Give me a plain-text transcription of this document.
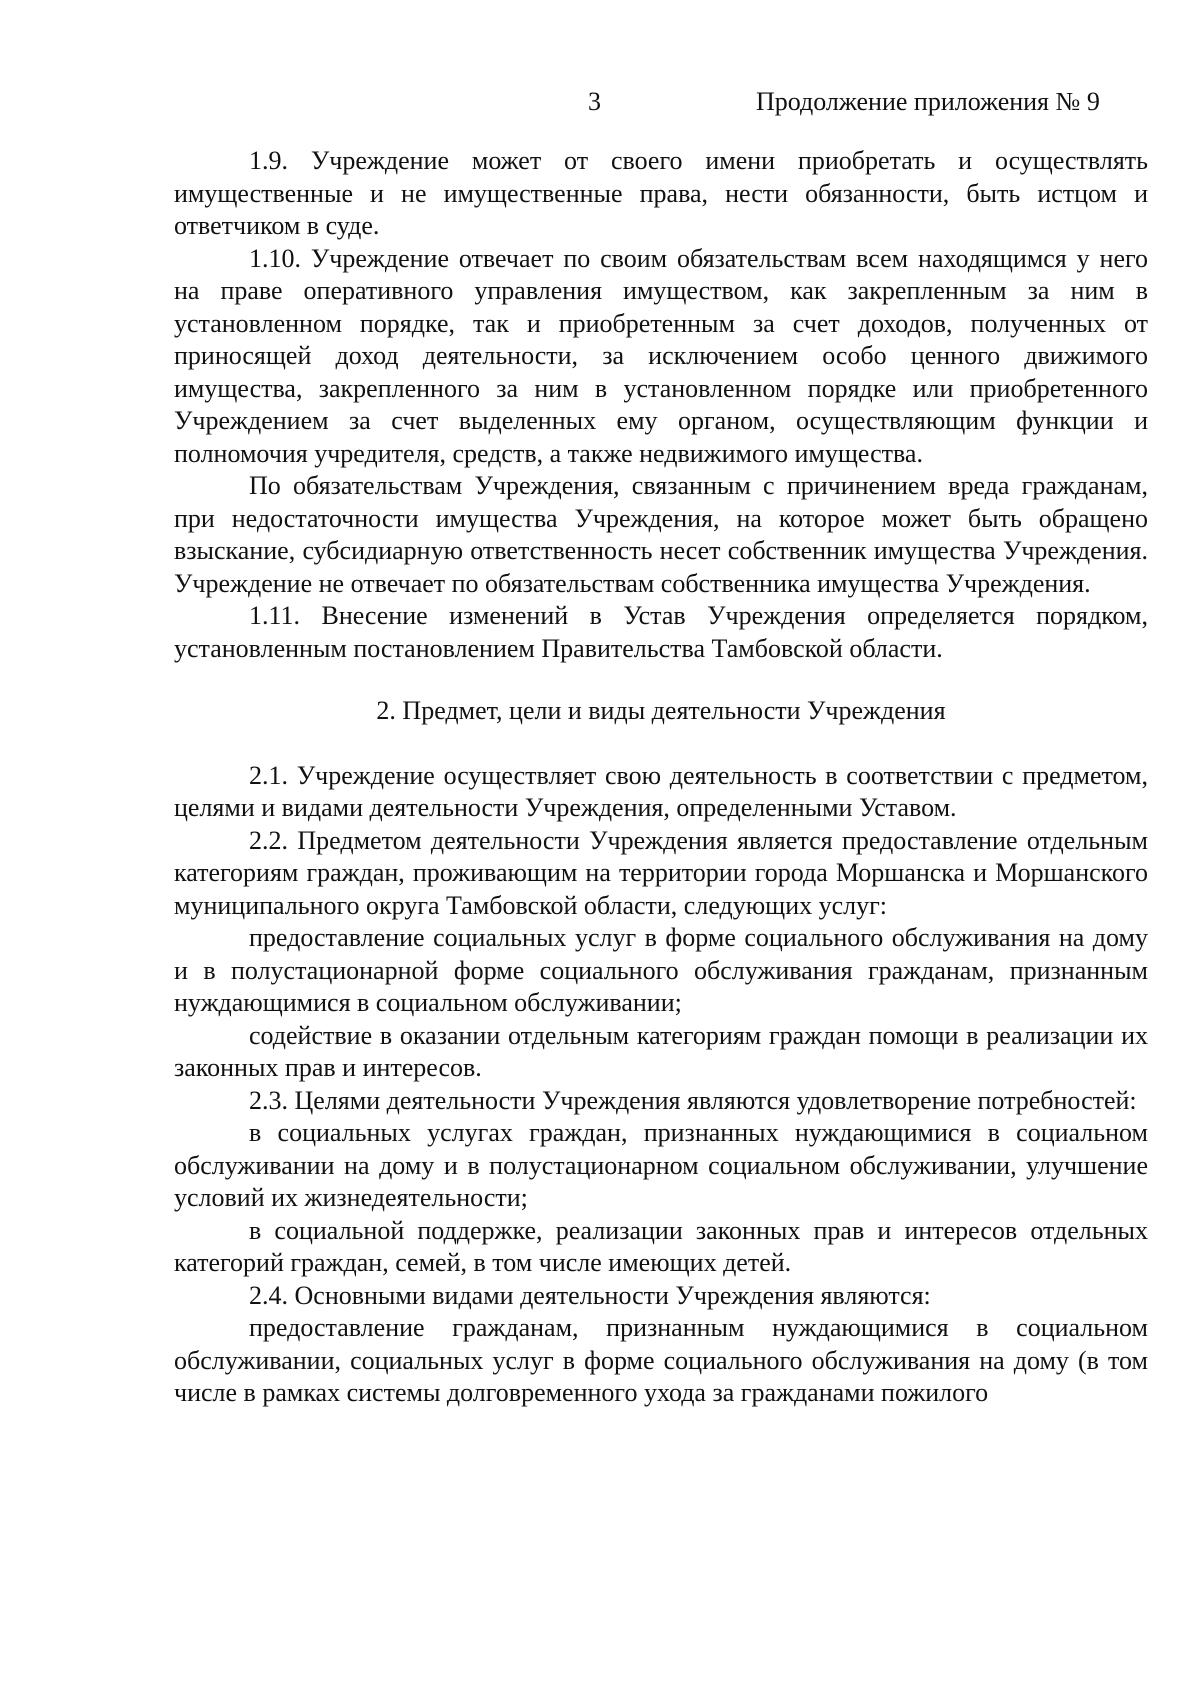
3	Продолжение приложения № 9

1.9. Учреждение может от своего имени приобретать и осуществлять имущественные и не имущественные права, нести обязанности, быть истцом и ответчиком в суде.

1.10. Учреждение отвечает по своим обязательствам всем находящимся у него на праве оперативного управления имуществом, как закрепленным за ним в установленном порядке, так и приобретенным за счет доходов, полученных от приносящей доход деятельности, за исключением особо ценного движимого имущества, закрепленного за ним в установленном порядке или приобретенного Учреждением за счет выделенных ему органом, осуществляющим функции и полномочия учредителя, средств, а также недвижимого имущества.

По обязательствам Учреждения, связанным с причинением вреда гражданам, при недостаточности имущества Учреждения, на которое может быть обращено взыскание, субсидиарную ответственность несет собственник имущества Учреждения. Учреждение не отвечает по обязательствам собственника имущества Учреждения.

1.11. Внесение изменений в Устав Учреждения определяется порядком, установленным постановлением Правительства Тамбовской области.

2. Предмет, цели и виды деятельности Учреждения

2.1. Учреждение осуществляет свою деятельность в соответствии с предметом, целями и видами деятельности Учреждения, определенными Уставом.

2.2. Предметом деятельности Учреждения является предоставление отдельным категориям граждан, проживающим на территории города Моршанска и Моршанского муниципального округа Тамбовской области, следующих услуг:

предоставление социальных услуг в форме социального обслуживания на дому и в полустационарной форме социального обслуживания гражданам, признанным нуждающимися в социальном обслуживании;

содействие в оказании отдельным категориям граждан помощи в реализации их законных прав и интересов.

2.3. Целями деятельности Учреждения являются удовлетворение потребностей:

в социальных услугах граждан, признанных нуждающимися в социальном обслуживании на дому и в полустационарном социальном обслуживании, улучшение условий их жизнедеятельности;

в социальной поддержке, реализации законных прав и интересов отдельных категорий граждан, семей, в том числе имеющих детей.

2.4. Основными видами деятельности Учреждения являются:

предоставление гражданам, признанным нуждающимися в социальном обслуживании, социальных услуг в форме социального обслуживания на дому (в том числе в рамках системы долговременного ухода за гражданами пожилого
